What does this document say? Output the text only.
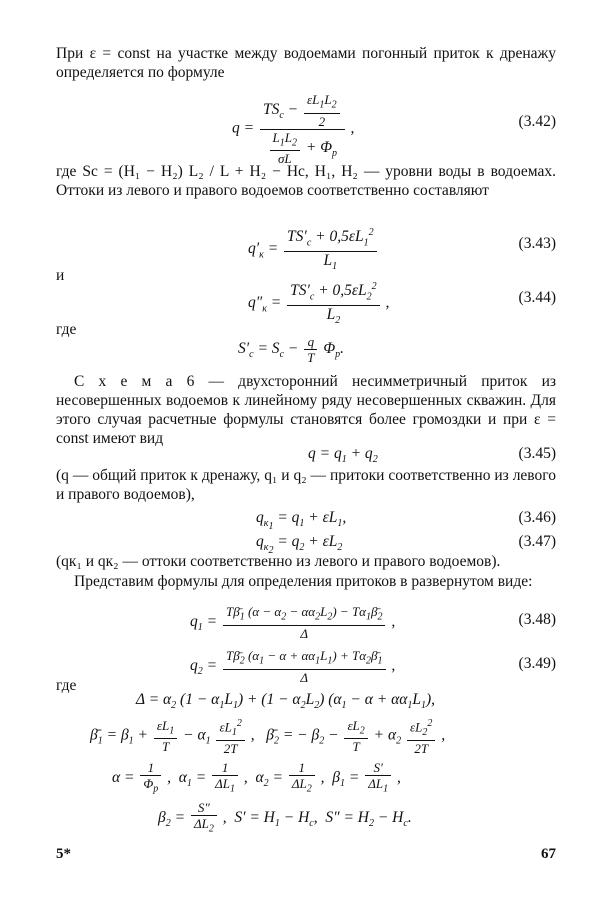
При ε = const на участке между водоемами погонный приток к дренажу определяется по формуле
$q = \frac{TS_c - \frac{\varepsilon L_1L_2}{2}}{\frac{L_1L_2}{\sigma L} + \Phi_p}$ ,	(3.42)
где Sc = (H₁ − H₂) L₂ / L + H₂ − Hc, H₁, H₂ — уровни воды в водоемах. Оттоки из левого и правого водоемов соответственно составляют
$q'_к = \frac{TS'_c + 0,5\varepsilon L_1^2}{L_1}$	(3.43)
и
$q''_к = \frac{TS'_c + 0,5\varepsilon L_2^2}{L_2}$ ,	(3.44)
где
$S'_c = S_c - \frac{q}{T} \Phi_p$.
С х е м а 6 — двухсторонний несимметричный приток из несовершенных водоемов к линейному ряду несовершенных скважин. Для этого случая расчетные формулы становятся более громоздки и при ε = const имеют вид
$q = q_1 + q_2$	(3.45)
(q — общий приток к дренажу, q₁ и q₂ — притоки соответственно из левого и правого водоемов),
$q_{к_1} = q_1 + \varepsilon L_1$,	(3.46)
$q_{к_2} = q_2 + \varepsilon L_2$	(3.47)
(qк₁ и qк₂ — оттоки соответственно из левого и правого водоемов).
Представим формулы для определения притоков в развернутом виде:
$q_1 = \frac{T\betā_1 (\alpha - \alpha_2 - \alpha\alpha_2L_2) - T\alpha_1\betā_2}{\Delta}$ ,	(3.48)
$q_2 = \frac{T\betā_2 (\alpha_1 - \alpha + \alpha\alpha_1L_1) + T\alpha_2\betā_1}{\Delta}$ ,	(3.49)
где
$\Delta = \alpha_2$ $(1 - \alpha_1L_1) + (1 - \alpha_2L_2)$ $(\alpha_1 - \alpha + \alpha\alpha_1L_1)$,
$\betā_1 = \beta_1 + \frac{\varepsilon L_1}{T} - \alpha_1 \frac{\varepsilon L_1^2}{2T}$ ,   $\betā_2$ = − $\beta_2 - \frac{\varepsilon L_2}{T} + \alpha_2 \frac{\varepsilon L_2^2}{2T}$ ,
$\alpha = \frac{1}{\Phi_p}$ ,  $\alpha_1 = \frac{1}{\Delta L_1}$ ,  $\alpha_2 = \frac{1}{\Delta L_2}$ ,  $\beta_1 = \frac{S'}{\Delta L_1}$ ,
$\beta_2 = \frac{S''}{\Delta L_2}$ ,  $S' = H_1 - H_c$,  $S'' = H_2 - H_c$.
5*	67
